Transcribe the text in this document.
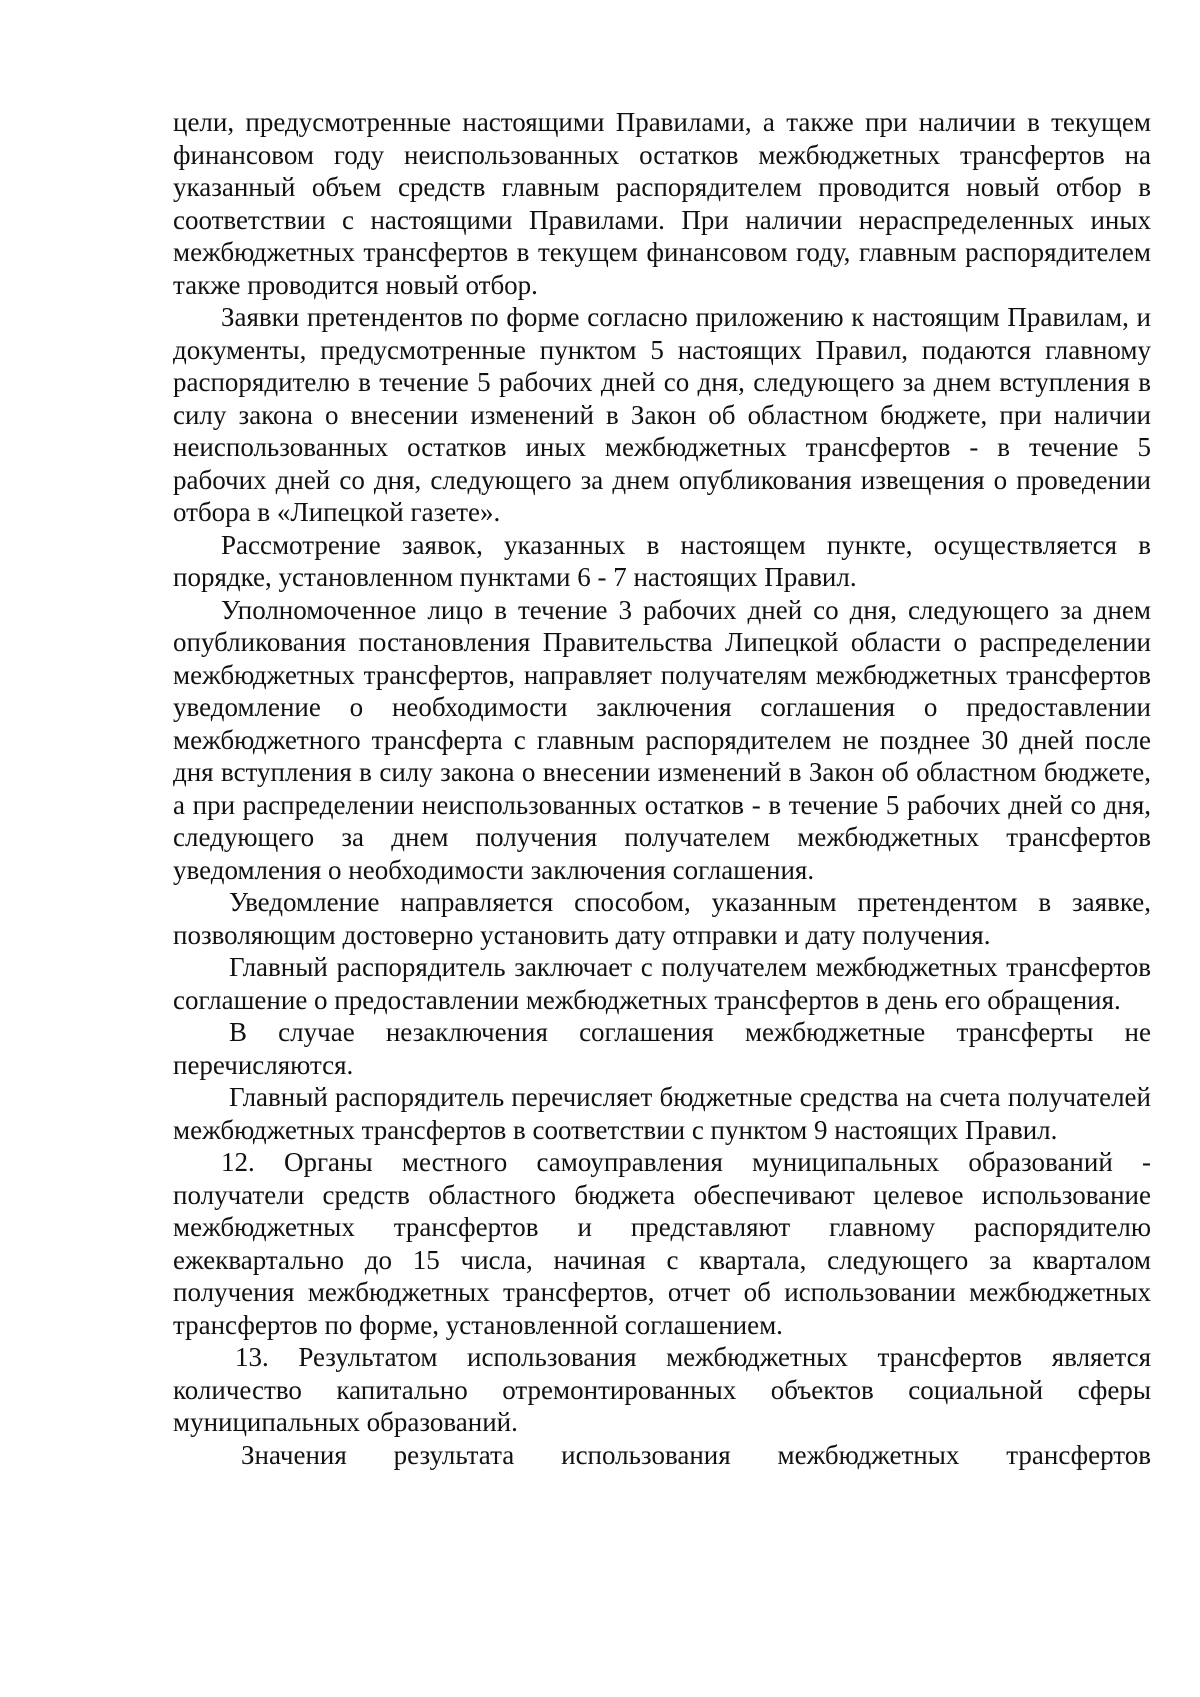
цели, предусмотренные настоящими Правилами, а также при наличии в текущем финансовом году неиспользованных остатков межбюджетных трансфертов на указанный объем средств главным распорядителем проводится новый отбор в соответствии с настоящими Правилами. При наличии нераспределенных иных межбюджетных трансфертов в текущем финансовом году, главным распорядителем также проводится новый отбор.

Заявки претендентов по форме согласно приложению к настоящим Правилам, и документы, предусмотренные пунктом 5 настоящих Правил, подаются главному распорядителю в течение 5 рабочих дней со дня, следующего за днем вступления в силу закона о внесении изменений в Закон об областном бюджете, при наличии неиспользованных остатков иных межбюджетных трансфертов - в течение 5 рабочих дней со дня, следующего за днем опубликования извещения о проведении отбора в «Липецкой газете».

Рассмотрение заявок, указанных в настоящем пункте, осуществляется в порядке, установленном пунктами 6 - 7 настоящих Правил.

Уполномоченное лицо в течение 3 рабочих дней со дня, следующего за днем опубликования постановления Правительства Липецкой области о распределении межбюджетных трансфертов, направляет получателям межбюджетных трансфертов уведомление о необходимости заключения соглашения о предоставлении межбюджетного трансферта с главным распорядителем не позднее 30 дней после дня вступления в силу закона о внесении изменений в Закон об областном бюджете, а при распределении неиспользованных остатков - в течение 5 рабочих дней со дня, следующего за днем получения получателем межбюджетных трансфертов уведомления о необходимости заключения соглашения.

Уведомление направляется способом, указанным претендентом в заявке, позволяющим достоверно установить дату отправки и дату получения.

Главный распорядитель заключает с получателем межбюджетных трансфертов соглашение о предоставлении межбюджетных трансфертов в день его обращения.

В случае незаключения соглашения межбюджетные трансферты не перечисляются.

Главный распорядитель перечисляет бюджетные средства на счета получателей межбюджетных трансфертов в соответствии с пунктом 9 настоящих Правил.

12. Органы местного самоуправления муниципальных образований - получатели средств областного бюджета обеспечивают целевое использование межбюджетных трансфертов и представляют главному распорядителю ежеквартально до 15 числа, начиная с квартала, следующего за кварталом получения межбюджетных трансфертов, отчет об использовании межбюджетных трансфертов по форме, установленной соглашением.

13. Результатом использования межбюджетных трансфертов является количество капитально отремонтированных объектов социальной сферы муниципальных образований.

Значения результата использования межбюджетных трансфертов
